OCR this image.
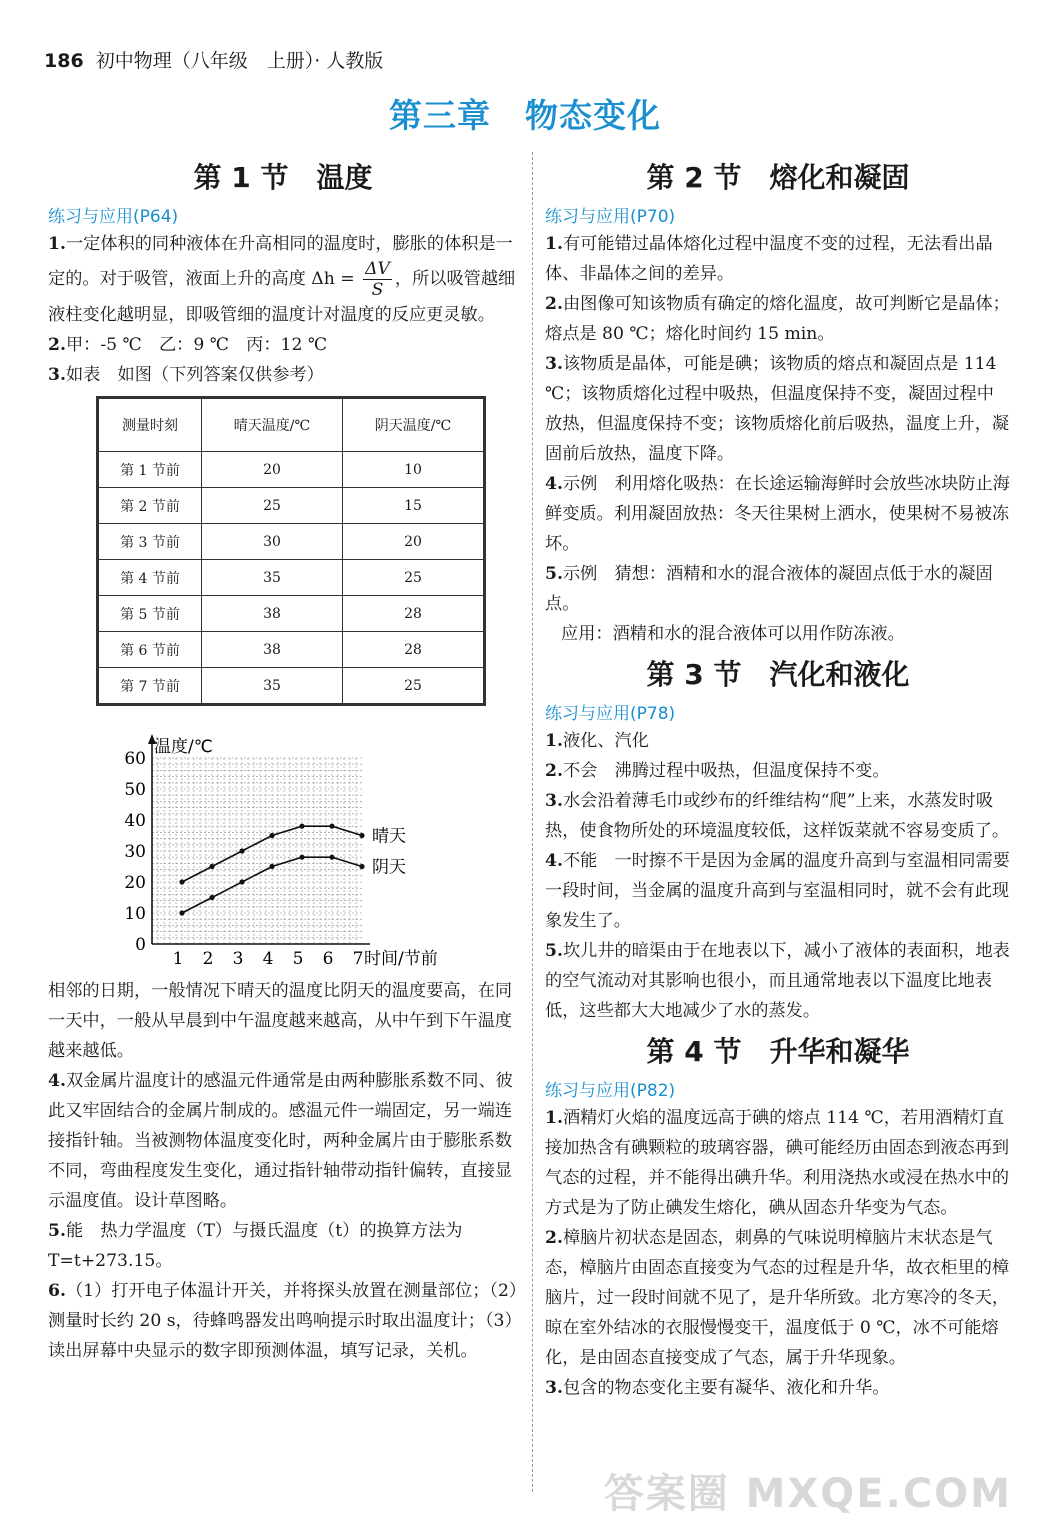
186 初中物理（八年级　上册）· 人教版
第三章　物态变化
第 1 节　温度
练习与应用(P64)
1.一定体积的同种液体在升高相同的温度时，膨胀的体积是一定的。对于吸管，液面上升的高度 $\Delta h = \frac{\Delta V}{S}$ ，所以吸管越细液柱变化越明显，即吸管细的温度计对温度的反应更灵敏。
2.甲：-5 ℃　乙：9 ℃　丙：12 ℃
3.如表　如图（下列答案仅供参考）
测量时刻	晴天温度/℃	阴天温度/℃
第 1 节前	20	10
第 2 节前	25	15
第 3 节前	30	20
第 4 节前	35	25
第 5 节前	38	28
第 6 节前	38	28
第 7 节前	35	25
0
10
20
30
40
50
60
1 2 3 4 5 6 7
温度/℃
时间/节前
晴天
阴天
相邻的日期，一般情况下晴天的温度比阴天的温度要高，在同一天中，一般从早晨到中午温度越来越高，从中午到下午温度越来越低。
4.双金属片温度计的感温元件通常是由两种膨胀系数不同、彼此又牢固结合的金属片制成的。感温元件一端固定，另一端连接指针轴。当被测物体温度变化时，两种金属片由于膨胀系数不同，弯曲程度发生变化，通过指针轴带动指针偏转，直接显示温度值。设计草图略。
5.能　热力学温度（T）与摄氏温度（t）的换算方法为 T=t+273.15。
6.（1）打开电子体温计开关，并将探头放置在测量部位；（2）测量时长约 20 s，待蜂鸣器发出鸣响提示时取出温度计；（3）读出屏幕中央显示的数字即预测体温，填写记录，关机。
第 2 节　熔化和凝固
练习与应用(P70)
1.有可能错过晶体熔化过程中温度不变的过程，无法看出晶体、非晶体之间的差异。
2.由图像可知该物质有确定的熔化温度，故可判断它是晶体；熔点是 80 ℃；熔化时间约 15 min。
3.该物质是晶体，可能是碘；该物质的熔点和凝固点是 114 ℃；该物质熔化过程中吸热，但温度保持不变，凝固过程中放热，但温度保持不变；该物质熔化前后吸热，温度上升，凝固前后放热，温度下降。
4.示例　利用熔化吸热：在长途运输海鲜时会放些冰块防止海鲜变质。利用凝固放热：冬天往果树上洒水，使果树不易被冻坏。
5.示例　猜想：酒精和水的混合液体的凝固点低于水的凝固点。
应用：酒精和水的混合液体可以用作防冻液。
第 3 节　汽化和液化
练习与应用(P78)
1.液化、汽化
2.不会　沸腾过程中吸热，但温度保持不变。
3.水会沿着薄毛巾或纱布的纤维结构“爬”上来，水蒸发时吸热，使食物所处的环境温度较低，这样饭菜就不容易变质了。
4.不能　一时擦不干是因为金属的温度升高到与室温相同需要一段时间，当金属的温度升高到与室温相同时，就不会有此现象发生了。
5.坎儿井的暗渠由于在地表以下，减小了液体的表面积，地表的空气流动对其影响也很小，而且通常地表以下温度比地表低，这些都大大地减少了水的蒸发。
第 4 节　升华和凝华
练习与应用(P82)
1.酒精灯火焰的温度远高于碘的熔点 114 ℃，若用酒精灯直接加热含有碘颗粒的玻璃容器，碘可能经历由固态到液态再到气态的过程，并不能得出碘升华。利用浇热水或浸在热水中的方式是为了防止碘发生熔化，碘从固态升华变为气态。
2.樟脑片初状态是固态，刺鼻的气味说明樟脑片末状态是气态，樟脑片由固态直接变为气态的过程是升华，故衣柜里的樟脑片，过一段时间就不见了，是升华所致。北方寒冷的冬天，晾在室外结冰的衣服慢慢变干，温度低于 0 ℃，冰不可能熔化，是由固态直接变成了气态，属于升华现象。
3.包含的物态变化主要有凝华、液化和升华。
答案圈 MXQE.COM
